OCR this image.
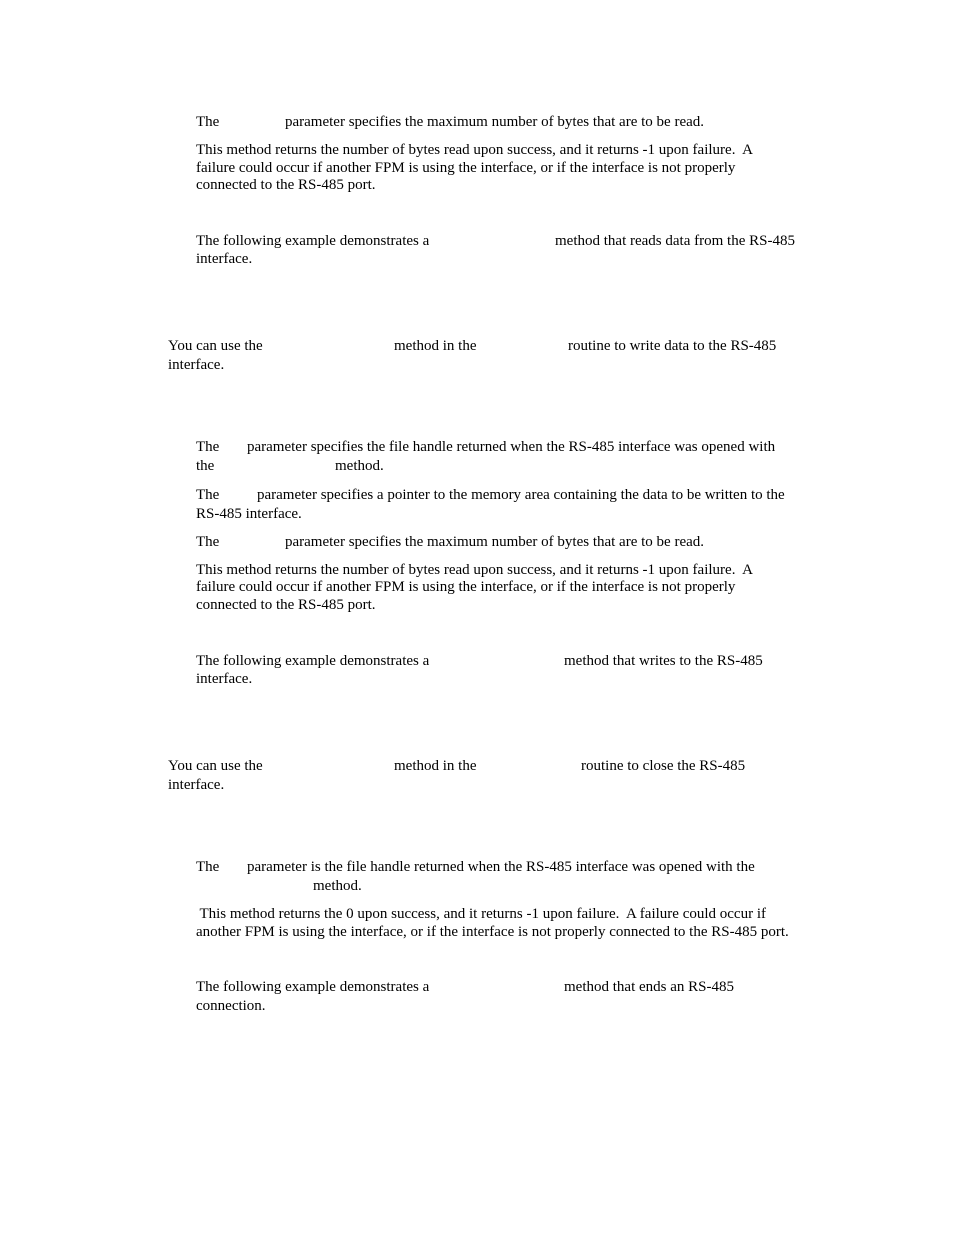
The	parameter specifies the maximum number of bytes that are to be read.
This method returns the number of bytes read upon success, and it returns -1 upon failure.  A
failure could occur if another FPM is using the interface, or if the interface is not properly
connected to the RS-485 port.
The following example demonstrates a	method that reads data from the RS-485
interface.
You can use the	method in the	routine to write data to the RS-485
interface.
The parameter specifies the file handle returned when the RS-485 interface was opened with
the	method.
The	parameter specifies a pointer to the memory area containing the data to be written to the
RS-485 interface.
The	parameter specifies the maximum number of bytes that are to be read.
This method returns the number of bytes read upon success, and it returns -1 upon failure.  A
failure could occur if another FPM is using the interface, or if the interface is not properly
connected to the RS-485 port.
The following example demonstrates a	method that writes to the RS-485
interface.
You can use the	method in the	routine to close the RS-485
interface.
The parameter is the file handle returned when the RS-485 interface was opened with the
method.
This method returns the 0 upon success, and it returns -1 upon failure.  A failure could occur if
another FPM is using the interface, or if the interface is not properly connected to the RS-485 port.
The following example demonstrates a	method that ends an RS-485
connection.
